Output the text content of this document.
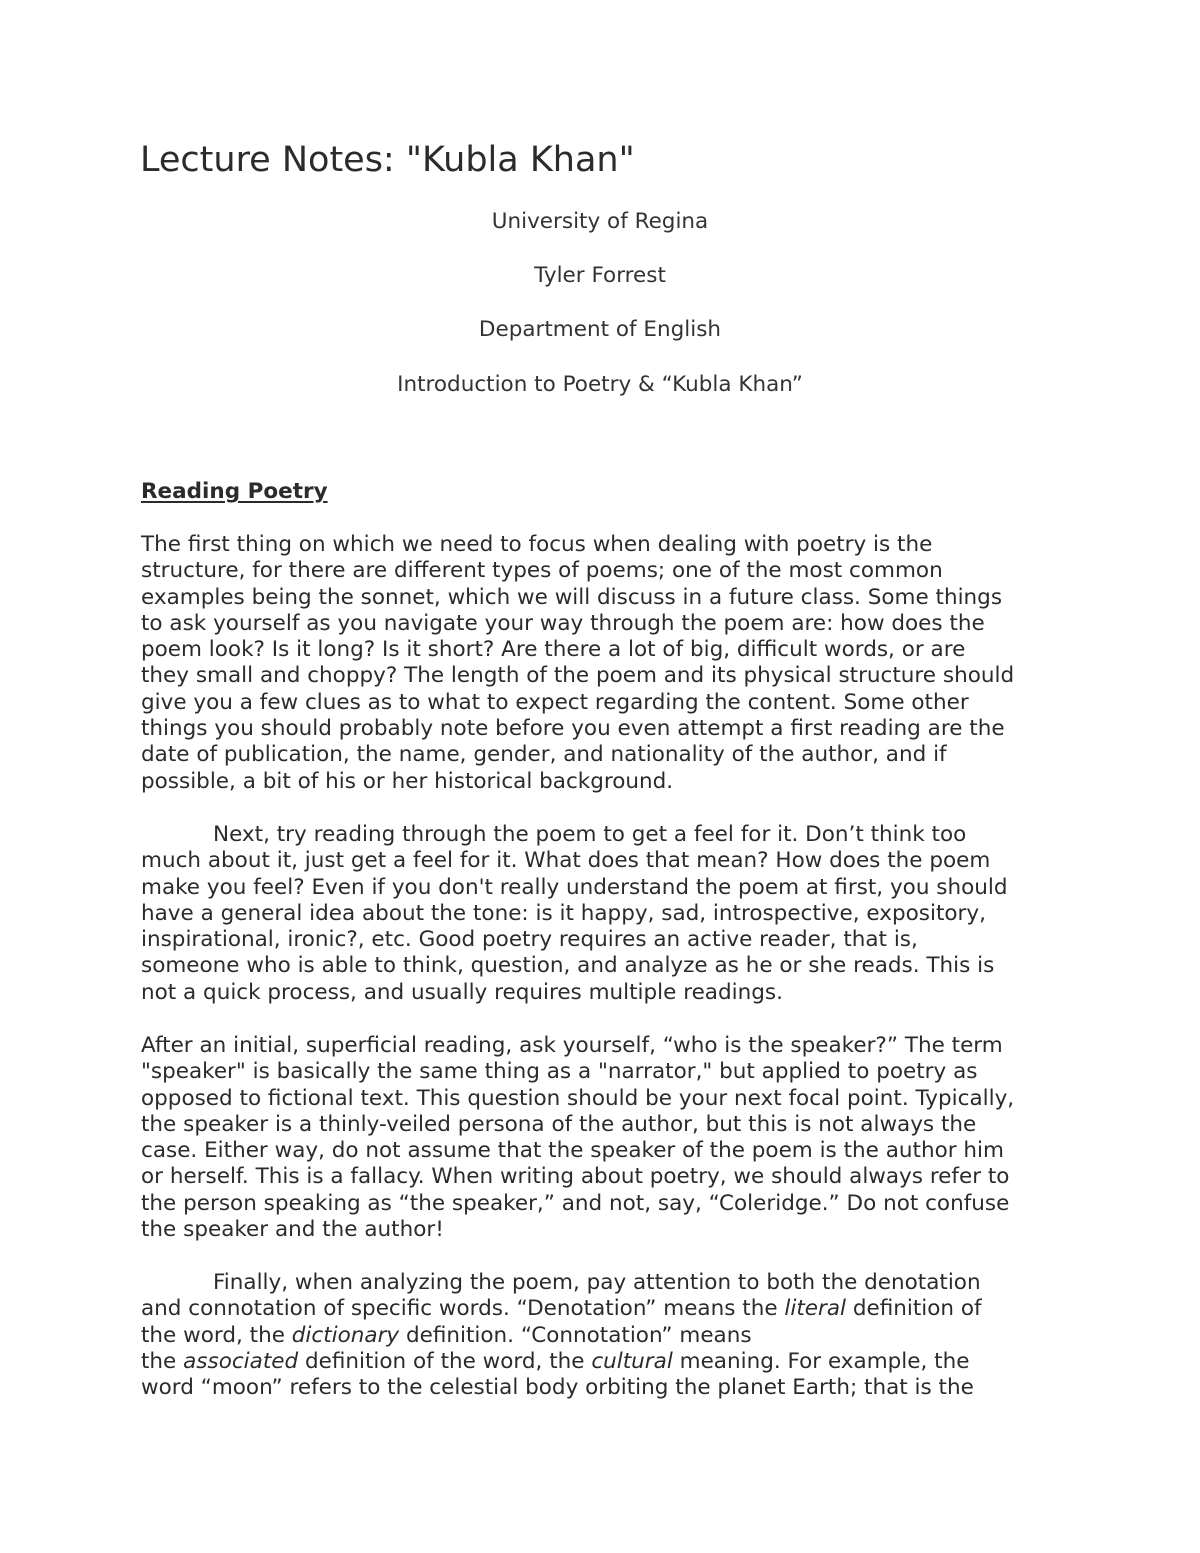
Lecture Notes: "Kubla Khan"

University of Regina

Tyler Forrest

Department of English

Introduction to Poetry & “Kubla Khan”

Reading Poetry
The first thing on which we need to focus when dealing with poetry is the
structure, for there are different types of poems; one of the most common
examples being the sonnet, which we will discuss in a future class. Some things
to ask yourself as you navigate your way through the poem are: how does the
poem look? Is it long? Is it short? Are there a lot of big, difficult words, or are
they small and choppy? The length of the poem and its physical structure should
give you a few clues as to what to expect regarding the content. Some other
things you should probably note before you even attempt a first reading are the
date of publication, the name, gender, and nationality of the author, and if
possible, a bit of his or her historical background.
Next, try reading through the poem to get a feel for it. Don’t think too
much about it, just get a feel for it. What does that mean? How does the poem
make you feel? Even if you don't really understand the poem at first, you should
have a general idea about the tone: is it happy, sad, introspective, expository,
inspirational, ironic?, etc. Good poetry requires an active reader, that is,
someone who is able to think, question, and analyze as he or she reads. This is
not a quick process, and usually requires multiple readings.
After an initial, superficial reading, ask yourself, “who is the speaker?” The term
"speaker" is basically the same thing as a "narrator," but applied to poetry as
opposed to fictional text. This question should be your next focal point. Typically,
the speaker is a thinly-veiled persona of the author, but this is not always the
case. Either way, do not assume that the speaker of the poem is the author him
or herself. This is a fallacy. When writing about poetry, we should always refer to
the person speaking as “the speaker,” and not, say, “Coleridge.” Do not confuse
the speaker and the author!
Finally, when analyzing the poem, pay attention to both the denotation
and connotation of specific words. “Denotation” means the literal definition of
the word, the dictionary definition. “Connotation” means
the associated definition of the word, the cultural meaning. For example, the
word “moon” refers to the celestial body orbiting the planet Earth; that is the
